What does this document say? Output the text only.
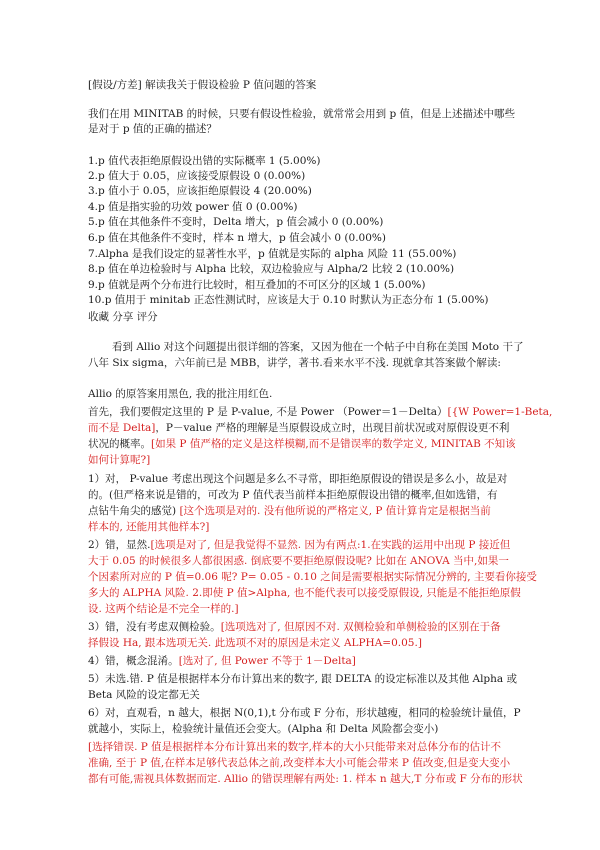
[假设/方差] 解读我关于假设检验 P 值问题的答案
我们在用 MINITAB 的时候，只要有假设性检验，就常常会用到 p 值，但是上述描述中哪些
是对于 p 值的正确的描述？
1.p 值代表拒绝原假设出错的实际概率 1 (5.00%)
2.p 值大于 0.05，应该接受原假设 0 (0.00%)
3.p 值小于 0.05，应该拒绝原假设 4 (20.00%)
4.p 值是指实验的功效 power 值 0 (0.00%)
5.p 值在其他条件不变时，Delta 增大，p 值会减小 0 (0.00%)
6.p 值在其他条件不变时，样本 n 增大，p 值会减小 0 (0.00%)
7.Alpha 是我们设定的显著性水平，p 值就是实际的 alpha 风险 11 (55.00%)
8.p 值在单边检验时与 Alpha 比较，双边检验应与 Alpha/2 比较 2 (10.00%)
9.p 值就是两个分布进行比较时，相互叠加的不可区分的区域 1 (5.00%)
10.p 值用于 minitab 正态性测试时，应该是大于 0.10 时默认为正态分布 1 (5.00%)
收藏 分享 评分
看到 Allio 对这个问题提出很详细的答案，又因为他在一个帖子中自称在美国 Moto 干了
八年 Six sigma，六年前已是 MBB，讲学，著书.看来水平不浅. 现就拿其答案做个解读:
Allio 的原答案用黑色, 我的批注用红色.
首先，我们要假定这里的 P 是 P-value, 不是 Power （Power＝1－Delta）[{W Power=1-Beta,
而不是 Delta]，P－value 严格的理解是当原假设成立时，出现目前状况或对原假设更不利
状况的概率。[如果 P 值严格的定义是这样模糊,而不是错误率的数学定义, MINITAB 不知该
如何计算呢?]
1）对， P-value 考虑出现这个问题是多么不寻常，即拒绝原假设的错误是多么小，故是对
的。(但严格来说是错的，可改为 P 值代表当前样本拒绝原假设出错的概率,但如选错，有
点钻牛角尖的感觉) [这个选项是对的. 没有他所说的严格定义, P 值计算肯定是根据当前
样本的, 还能用其他样本?]
2）错，显然.[选项是对了, 但是我觉得不显然. 因为有两点:1.在实践的运用中出现 P 接近但
大于 0.05 的时候很多人都很困惑. 倒底要不要拒绝原假设呢? 比如在 ANOVA 当中,如果一
个因素所对应的 P 值=0.06 呢? P= 0.05 - 0.10 之间是需要根据实际情况分辨的, 主要看你接受
多大的 ALPHA 风险. 2.即使 P 值>Alpha, 也不能代表可以接受原假设, 只能是不能拒绝原假
设. 这两个结论是不完全一样的.]
3）错，没有考虑双侧检验。[选项选对了, 但原因不对. 双侧检验和单侧检验的区别在于备
择假设 Ha, 跟本选项无关. 此选项不对的原因是未定义 ALPHA=0.05.]
4）错，概念混淆。[选对了, 但 Power 不等于 1－Delta]
5）未选.错. P 值是根据样本分布计算出来的数字, 跟 DELTA 的设定标准以及其他 Alpha 或
Beta 风险的设定都无关
6）对，直观看，n 越大，根据 N(0,1),t 分布或 F 分布，形状越瘦，相同的检验统计量值，P
就越小，实际上，检验统计量值还会变大。(Alpha 和 Delta 风险都会变小)
[选择错误. P 值是根据样本分布计算出来的数字,样本的大小只能带来对总体分布的估计不
准确, 至于 P 值,在样本足够代表总体之前,改变样本大小可能会带来 P 值改变,但是变大变小
都有可能,需视具体数据而定. Allio 的错误理解有两处: 1. 样本 n 越大,T 分布或 F 分布的形状
